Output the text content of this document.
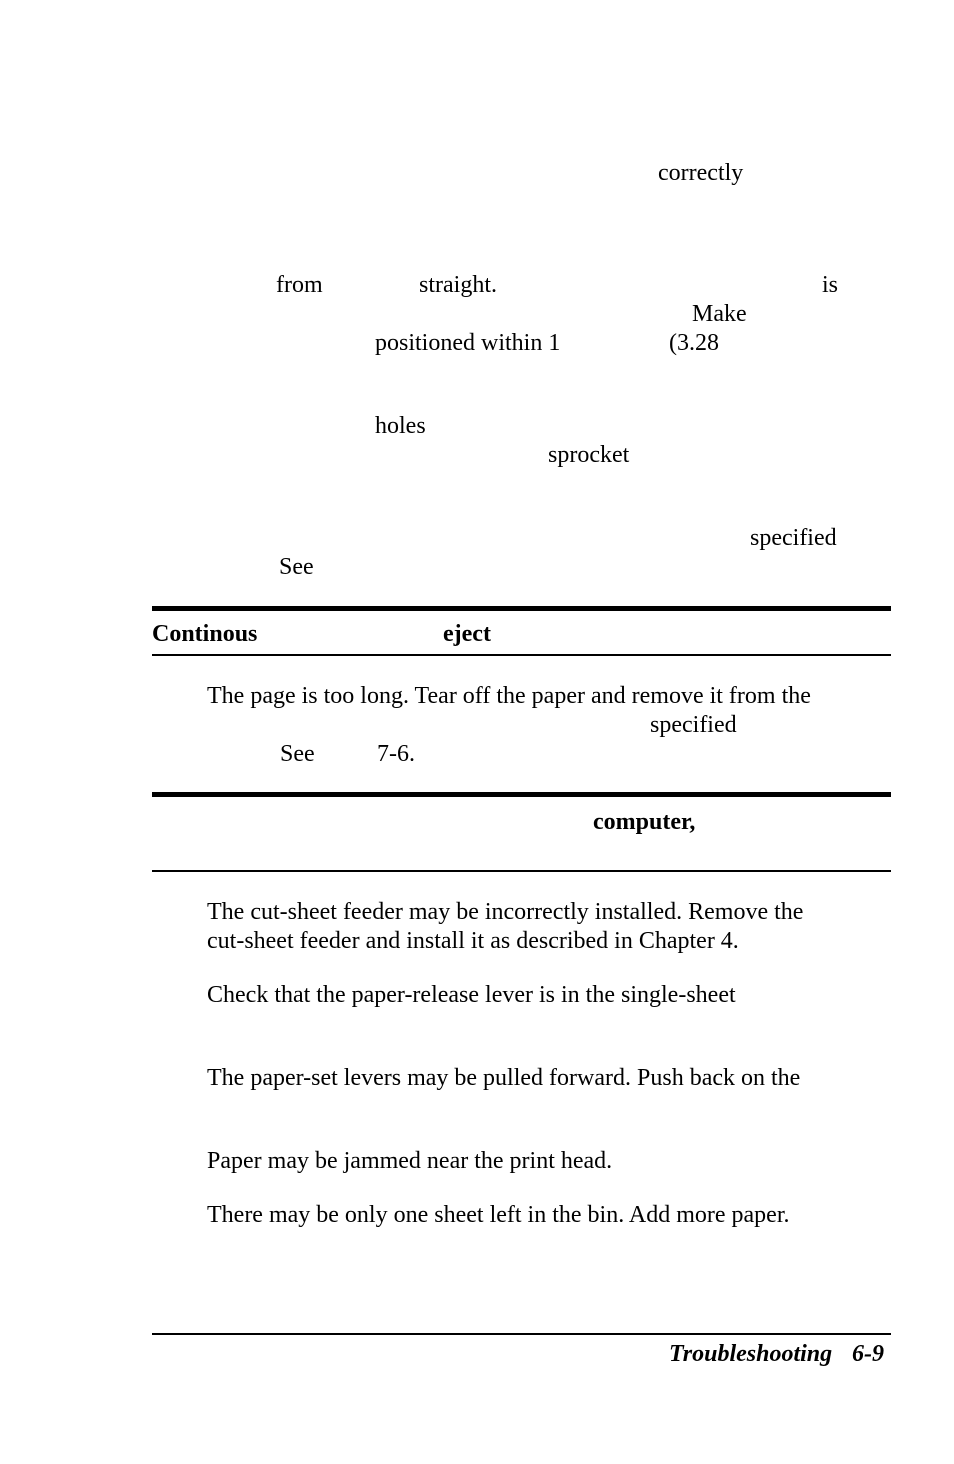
correctly
from	straight.	is
Make
positioned within 1	(3.28
holes
sprocket
specified
See
Continous	eject
The page is too long. Tear off the paper and remove it from the
specified
See	7-6.
computer,
The cut-sheet feeder may be incorrectly installed. Remove the
cut-sheet feeder and install it as described in Chapter 4.
Check that the paper-release lever is in the single-sheet
The paper-set levers may be pulled forward. Push back on the
Paper may be jammed near the print head.
There may be only one sheet left in the bin. Add more paper.
Troubleshooting 6-9
